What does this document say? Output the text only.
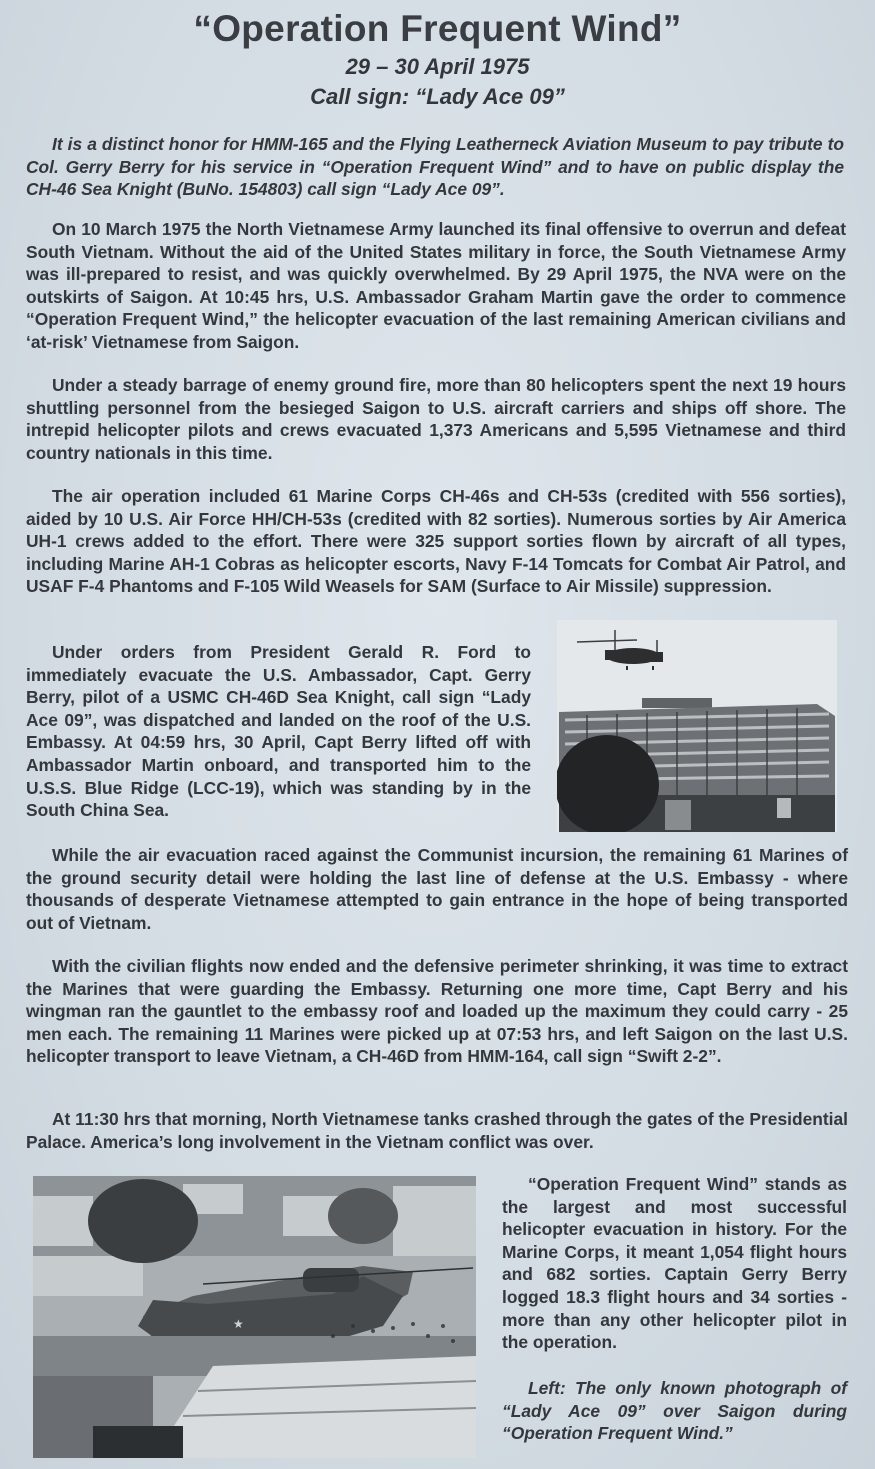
“Operation Frequent Wind”
29 – 30 April 1975
Call sign: “Lady Ace 09”

It is a distinct honor for HMM-165 and the Flying Leatherneck Aviation Museum to pay tribute to Col. Gerry Berry for his service in “Operation Frequent Wind” and to have on public display the CH-46 Sea Knight (BuNo. 154803) call sign “Lady Ace 09”.

On 10 March 1975 the North Vietnamese Army launched its final offensive to overrun and defeat South Vietnam. Without the aid of the United States military in force, the South Vietnamese Army was ill-prepared to resist, and was quickly overwhelmed. By 29 April 1975, the NVA were on the outskirts of Saigon. At 10:45 hrs, U.S. Ambassador Graham Martin gave the order to commence “Operation Frequent Wind,” the helicopter evacuation of the last remaining American civilians and ‘at-risk’ Vietnamese from Saigon.

Under a steady barrage of enemy ground fire, more than 80 helicopters spent the next 19 hours shuttling personnel from the besieged Saigon to U.S. aircraft carriers and ships off shore. The intrepid helicopter pilots and crews evacuated 1,373 Americans and 5,595 Vietnamese and third country nationals in this time.

The air operation included 61 Marine Corps CH-46s and CH-53s (credited with 556 sorties), aided by 10 U.S. Air Force HH/CH-53s (credited with 82 sorties). Numerous sorties by Air America UH-1 crews added to the effort. There were 325 support sorties flown by aircraft of all types, including Marine AH-1 Cobras as helicopter escorts, Navy F-14 Tomcats for Combat Air Patrol, and USAF F-4 Phantoms and F-105 Wild Weasels for SAM (Surface to Air Missile) suppression.

Under orders from President Gerald R. Ford to immediately evacuate the U.S. Ambassador, Capt. Gerry Berry, pilot of a USMC CH-46D Sea Knight, call sign “Lady Ace 09”, was dispatched and landed on the roof of the U.S. Embassy. At 04:59 hrs, 30 April, Capt Berry lifted off with Ambassador Martin onboard, and transported him to the U.S.S. Blue Ridge (LCC-19), which was standing by in the South China Sea.

While the air evacuation raced against the Communist incursion, the remaining 61 Marines of the ground security detail were holding the last line of defense at the U.S. Embassy - where thousands of desperate Vietnamese attempted to gain entrance in the hope of being transported out of Vietnam.

With the civilian flights now ended and the defensive perimeter shrinking, it was time to extract the Marines that were guarding the Embassy. Returning one more time, Capt Berry and his wingman ran the gauntlet to the embassy roof and loaded up the maximum they could carry - 25 men each. The remaining 11 Marines were picked up at 07:53 hrs, and left Saigon on the last U.S. helicopter transport to leave Vietnam, a CH-46D from HMM-164, call sign “Swift 2-2”.

At 11:30 hrs that morning, North Vietnamese tanks crashed through the gates of the Presidential Palace. America’s long involvement in the Vietnam conflict was over.

★

“Operation Frequent Wind” stands as the largest and most successful helicopter evacuation in history. For the Marine Corps, it meant 1,054 flight hours and 682 sorties. Captain Gerry Berry logged 18.3 flight hours and 34 sorties - more than any other helicopter pilot in the operation.

Left: The only known photograph of “Lady Ace 09” over Saigon during “Operation Frequent Wind.”
